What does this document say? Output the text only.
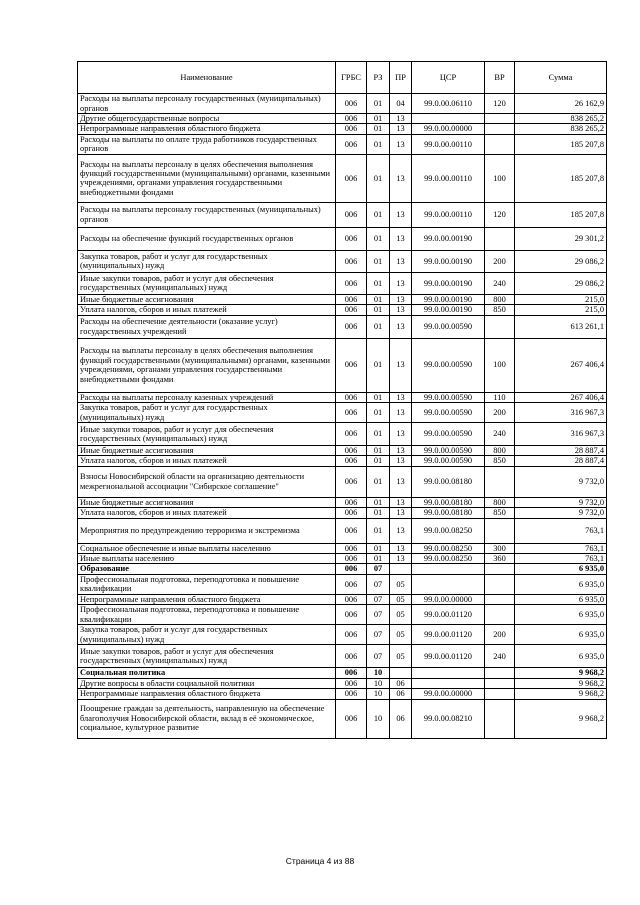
Наименование	ГРБС	РЗ	ПР	ЦСР	ВР	Сумма
Расходы на выплаты персоналу государственных (муниципальных) органов	006	01	04	99.0.00.06110	120	26 162,9
Другие общегосударственные вопросы	006	01	13			838 265,2
Непрограммные направления областного бюджета	006	01	13	99.0.00.00000		838 265,2
Расходы на выплаты по оплате труда работников государственных органов	006	01	13	99.0.00.00110		185 207,8
Расходы на выплаты персоналу в целях обеспечения выполнения функций государственными (муниципальными) органами, казенными учреждениями, органами управления государственными внебюджетными фондами	006	01	13	99.0.00.00110	100	185 207,8
Расходы на выплаты персоналу государственных (муниципальных) органов	006	01	13	99.0.00.00110	120	185 207,8
Расходы на обеспечение функций государственных органов	006	01	13	99.0.00.00190		29 301,2
Закупка товаров, работ и услуг для государственных (муниципальных) нужд	006	01	13	99.0.00.00190	200	29 086,2
Иные закупки товаров, работ и услуг для обеспечения государственных (муниципальных) нужд	006	01	13	99.0.00.00190	240	29 086,2
Иные бюджетные ассигнования	006	01	13	99.0.00.00190	800	215,0
Уплата налогов, сборов и иных платежей	006	01	13	99.0.00.00190	850	215,0
Расходы на обеспечение деятельности (оказание услуг) государственных учреждений	006	01	13	99.0.00.00590		613 261,1
Расходы на выплаты персоналу в целях обеспечения выполнения функций государственными (муниципальными) органами, казенными учреждениями, органами управления государственными внебюджетными фондами	006	01	13	99.0.00.00590	100	267 406,4
Расходы на выплаты персоналу казенных учреждений	006	01	13	99.0.00.00590	110	267 406,4
Закупка товаров, работ и услуг для государственных (муниципальных) нужд	006	01	13	99.0.00.00590	200	316 967,3
Иные закупки товаров, работ и услуг для обеспечения государственных (муниципальных) нужд	006	01	13	99.0.00.00590	240	316 967,3
Иные бюджетные ассигнования	006	01	13	99.0.00.00590	800	28 887,4
Уплата налогов, сборов и иных платежей	006	01	13	99.0.00.00590	850	28 887,4
Взносы Новосибирской области на организацию деятельности межрегиональной ассоциации "Сибирское соглашение"	006	01	13	99.0.00.08180		9 732,0
Иные бюджетные ассигнования	006	01	13	99.0.00.08180	800	9 732,0
Уплата налогов, сборов и иных платежей	006	01	13	99.0.00.08180	850	9 732,0
Мероприятия по предупреждению терроризма и экстремизма	006	01	13	99.0.00.08250		763,1
Социальное обеспечение и иные выплаты населению	006	01	13	99.0.00.08250	300	763,1
Иные выплаты населению	006	01	13	99.0.00.08250	360	763,1
Образование	006	07				6 935,0
Профессиональная подготовка, переподготовка и повышение квалификации	006	07	05			6 935,0
Непрограммные направления областного бюджета	006	07	05	99.0.00.00000		6 935,0
Профессиональная подготовка, переподготовка и повышение квалификации	006	07	05	99.0.00.01120		6 935,0
Закупка товаров, работ и услуг для государственных (муниципальных) нужд	006	07	05	99.0.00.01120	200	6 935,0
Иные закупки товаров, работ и услуг для обеспечения государственных (муниципальных) нужд	006	07	05	99.0.00.01120	240	6 935,0
Социальная политика	006	10				9 968,2
Другие вопросы в области социальной политики	006	10	06			9 968,2
Непрограммные направления областного бюджета	006	10	06	99.0.00.00000		9 968,2
Поощрение граждан за деятельность, направленную на обеспечение благополучия Новосибирской области, вклад в её экономическое, социальное, культурное развитие	006	10	06	99.0.00.08210		9 968,2
Страница 4 из 88
